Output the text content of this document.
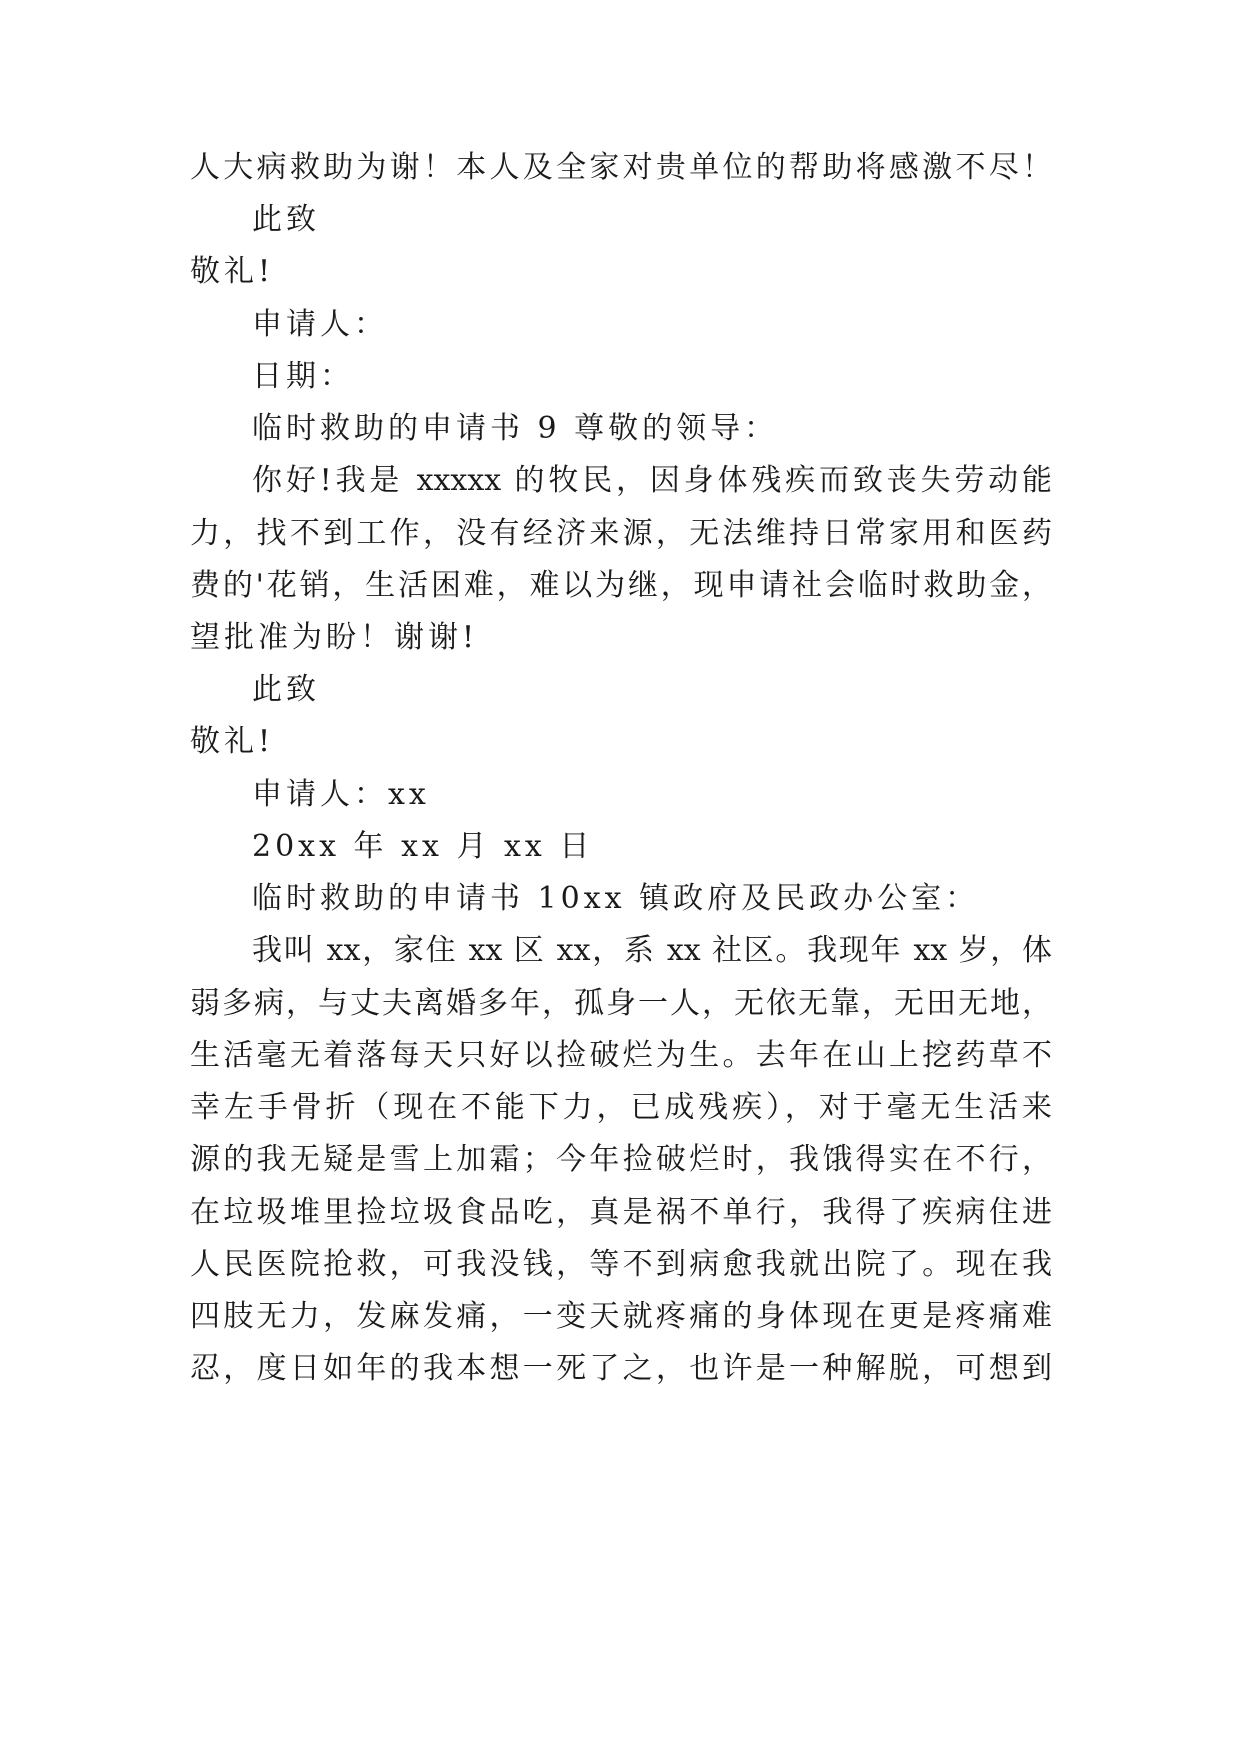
人大病救助为谢！本人及全家对贵单位的帮助将感激不尽！
此致
敬礼!
申请人：
日期：
临时救助的申请书 9 尊敬的领导：
你好!我是 xxxxx 的牧民，因身体残疾而致丧失劳动能
力，找不到工作，没有经济来源，无法维持日常家用和医药
费的'花销，生活困难，难以为继，现申请社会临时救助金，
望批准为盼！谢谢!
此致
敬礼!
申请人：xx
20xx 年 xx 月 xx 日
临时救助的申请书 10xx 镇政府及民政办公室：
我叫 xx，家住 xx 区 xx，系 xx 社区。我现年 xx 岁，体
弱多病，与丈夫离婚多年，孤身一人，无依无靠，无田无地，
生活毫无着落每天只好以捡破烂为生。去年在山上挖药草不
幸左手骨折（现在不能下力，已成残疾），对于毫无生活来
源的我无疑是雪上加霜；今年捡破烂时，我饿得实在不行，
在垃圾堆里捡垃圾食品吃，真是祸不单行，我得了疾病住进
人民医院抢救，可我没钱，等不到病愈我就出院了。现在我
四肢无力，发麻发痛，一变天就疼痛的身体现在更是疼痛难
忍，度日如年的我本想一死了之，也许是一种解脱，可想到
